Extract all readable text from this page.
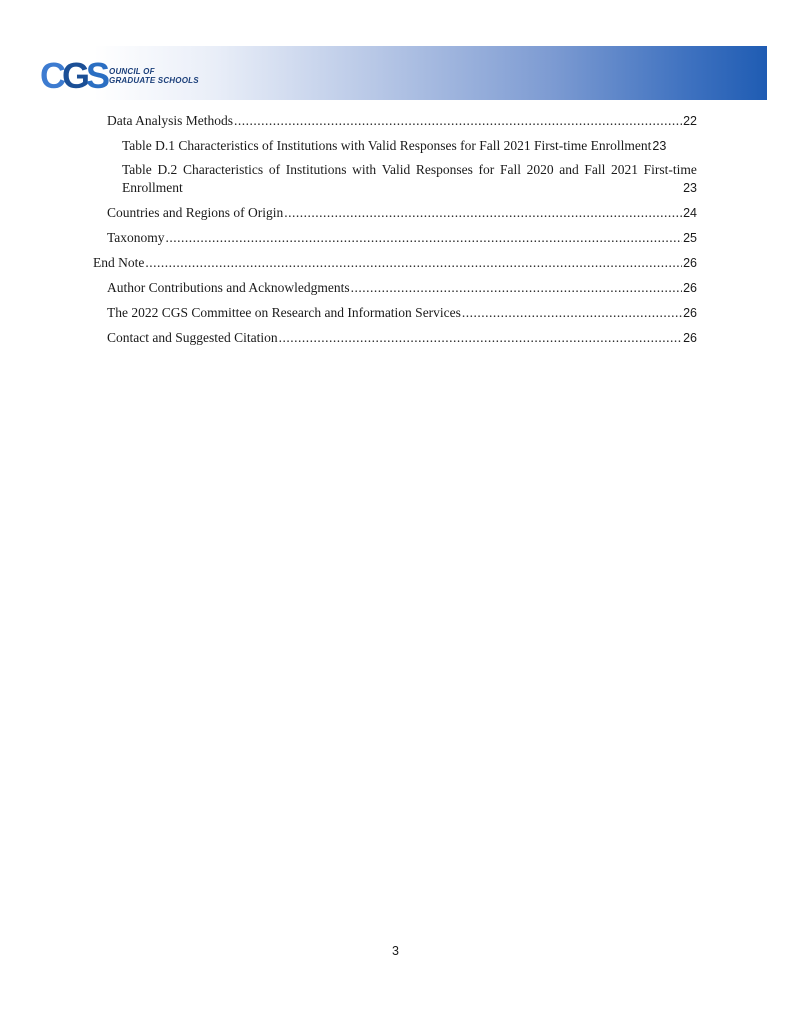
CGS OUNCIL OF
GRADUATE SCHOOLS
Data Analysis Methods .....	22
Table D.1 Characteristics of Institutions with Valid Responses for Fall 2021 First-time Enrollment 23
Table D.2 Characteristics of Institutions with Valid Responses for Fall 2020 and Fall 2021 First-time
Enrollment	23
Countries and Regions of Origin .....	24
Taxonomy .....	25
End Note .....	26
Author Contributions and Acknowledgments .....	26
The 2022 CGS Committee on Research and Information Services .....	26
Contact and Suggested Citation .....	26
3
